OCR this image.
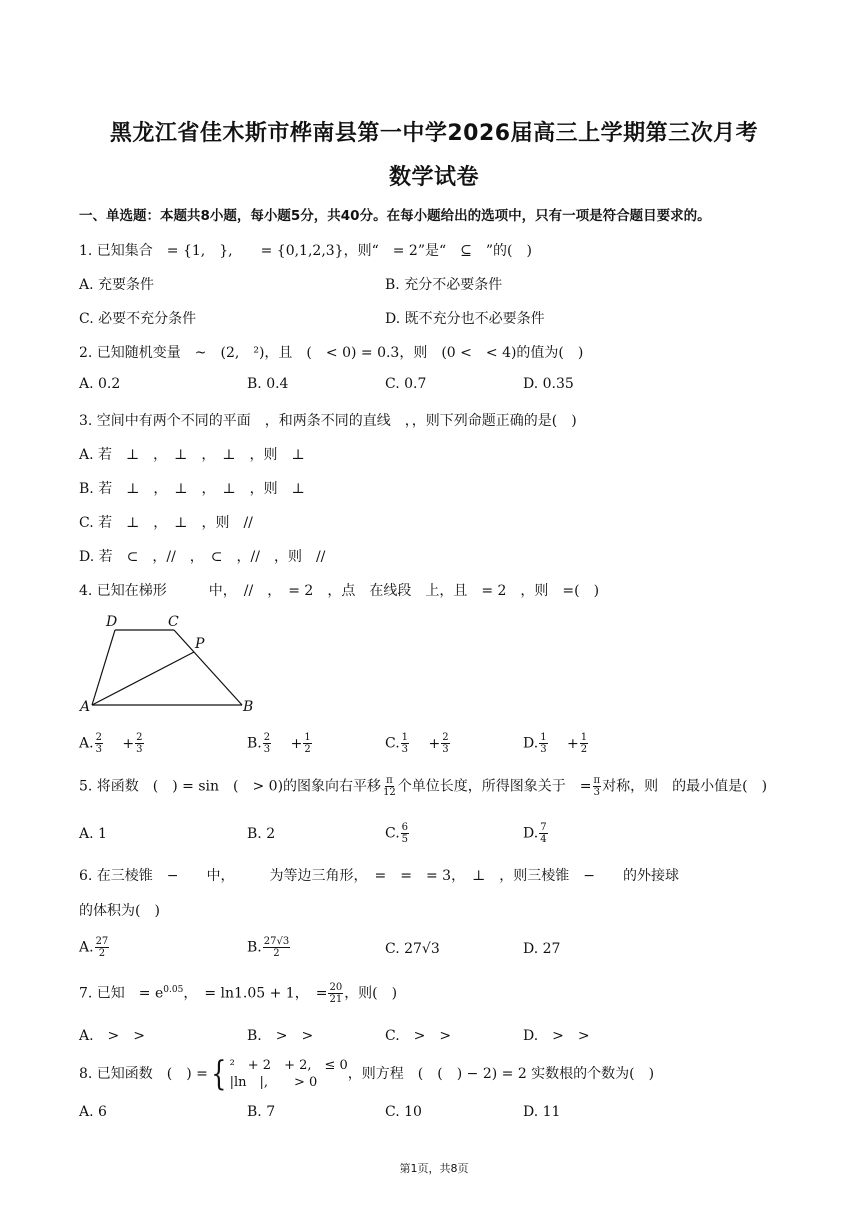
黑龙江省佳木斯市桦南县第一中学2026届高三上学期第三次月考
数学试卷
一、单选题：本题共8小题，每小题5分，共40分。在每小题给出的选项中，只有一项是符合题目要求的。
1. 已知集合　= {1,　},　　= {0,1,2,3}，则“　= 2”是“　⊆　”的(　)
A. 充要条件	B. 充分不必要条件
C. 必要不充分条件	D. 既不充分也不必要条件
2. 已知随机变量　~　(2,　²)，且　(　< 0) = 0.3，则　(0 <　< 4)的值为(　)
A. 0.2	B. 0.4	C. 0.7	D. 0.35
3. 空间中有两个不同的平面　，和两条不同的直线　，，则下列命题正确的是(　)
A. 若　⊥　，　⊥　，　⊥　，则　⊥
B. 若　⊥　，　⊥　，　⊥　，则　⊥
C. 若　⊥　，　⊥　，则　//
D. 若　⊂　，//　，　⊂　，//　，则　//
4. 已知在梯形　　　中，　//　，　= 2　，点　在线段　上，且　= 2　，则　=(　)
D	C
P
A	B
A. $\frac{2}{3} + \frac{2}{3}$	B. $\frac{2}{3} + \frac{1}{2}$	C. $\frac{1}{3} + \frac{2}{3}$	D. $\frac{1}{3} + \frac{1}{2}$
5. 将函数　(　) = sin　(　> 0)的图象向右平移 $\frac{\pi}{12}$ 个单位长度，所得图象关于　= $\frac{\pi}{3}$ 对称，则　的最小值是(　)
A. 1	B. 2	C. $\frac{6}{5}$	D. $\frac{7}{4}$
6. 在三棱锥　−　　中，　　　为等边三角形，　=　=　= 3，　⊥　，则三棱锥　−　　的外接球
的体积为(　)
A. $\frac{27}{2}$	B. $\frac{27√3}{2}$	C. 27√3	D. 27
7. 已知　= $e^{0.05}$，　= ln1.05 + 1，　= $\frac{20}{21}$ ，则(　)
A.　>　>	B.　>　>	C.　>　>	D.　>　>
8. 已知函数　(　) ={ ²　+ 2　+ 2,　≤ 0
|ln　|,　　> 0
，则方程　(　(　) − 2) = 2 实数根的个数为(　)
A. 6	B. 7	C. 10	D. 11
第1页，共8页
